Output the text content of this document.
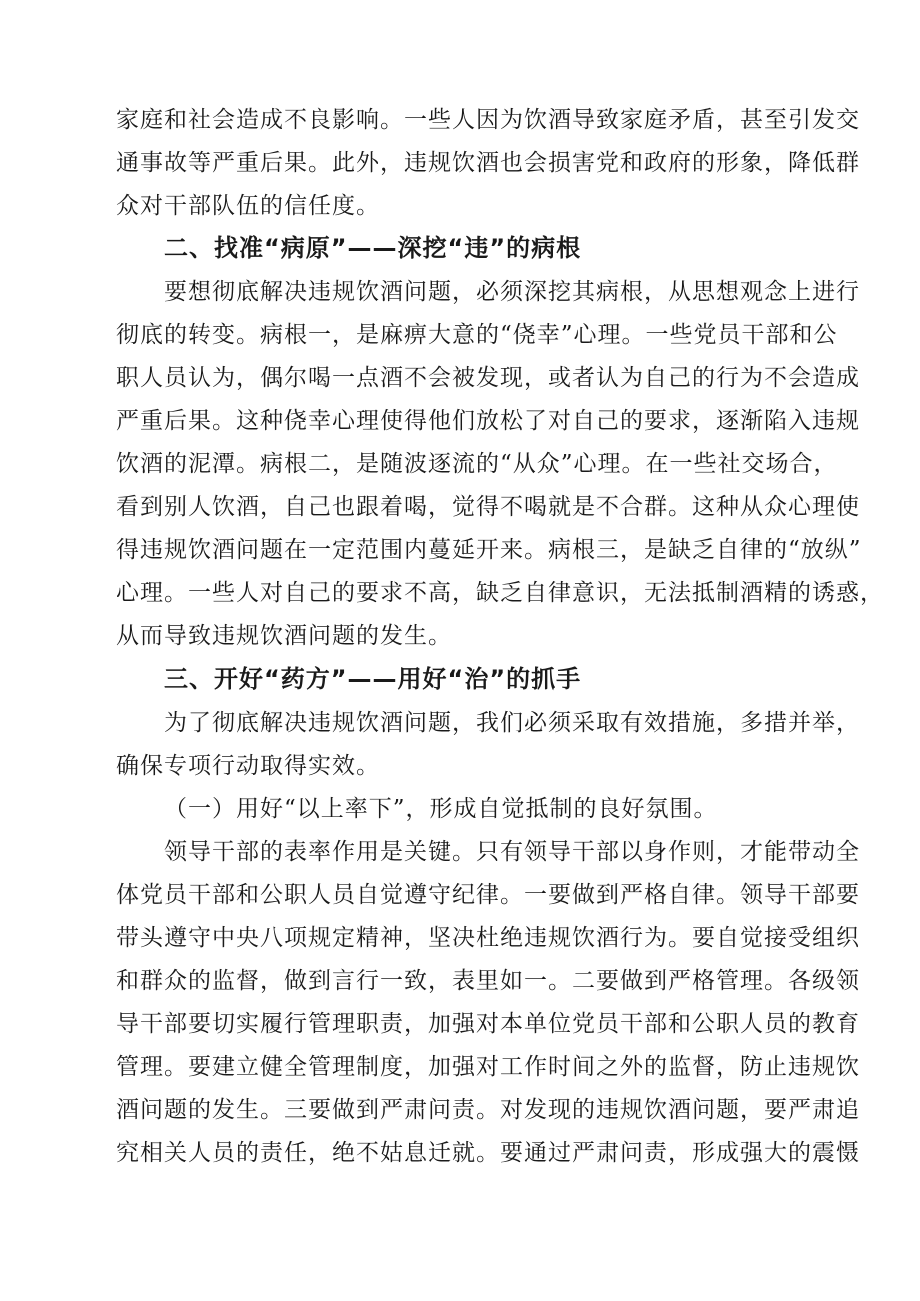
家庭和社会造成不良影响。一些人因为饮酒导致家庭矛盾，甚至引发交
通事故等严重后果。此外，违规饮酒也会损害党和政府的形象，降低群
众对干部队伍的信任度。
二、找准“病原”——深挖“违”的病根
要想彻底解决违规饮酒问题，必须深挖其病根，从思想观念上进行
彻底的转变。病根一，是麻痹大意的“侥幸”心理。一些党员干部和公
职人员认为，偶尔喝一点酒不会被发现，或者认为自己的行为不会造成
严重后果。这种侥幸心理使得他们放松了对自己的要求，逐渐陷入违规
饮酒的泥潭。病根二，是随波逐流的“从众”心理。在一些社交场合，
看到别人饮酒，自己也跟着喝，觉得不喝就是不合群。这种从众心理使
得违规饮酒问题在一定范围内蔓延开来。病根三，是缺乏自律的“放纵”
心理。一些人对自己的要求不高，缺乏自律意识，无法抵制酒精的诱惑，
从而导致违规饮酒问题的发生。
三、开好“药方”——用好“治”的抓手
为了彻底解决违规饮酒问题，我们必须采取有效措施，多措并举，
确保专项行动取得实效。
（一）用好“以上率下”，形成自觉抵制的良好氛围。
领导干部的表率作用是关键。只有领导干部以身作则，才能带动全
体党员干部和公职人员自觉遵守纪律。一要做到严格自律。领导干部要
带头遵守中央八项规定精神，坚决杜绝违规饮酒行为。要自觉接受组织
和群众的监督，做到言行一致，表里如一。二要做到严格管理。各级领
导干部要切实履行管理职责，加强对本单位党员干部和公职人员的教育
管理。要建立健全管理制度，加强对工作时间之外的监督，防止违规饮
酒问题的发生。三要做到严肃问责。对发现的违规饮酒问题，要严肃追
究相关人员的责任，绝不姑息迁就。要通过严肃问责，形成强大的震慑
